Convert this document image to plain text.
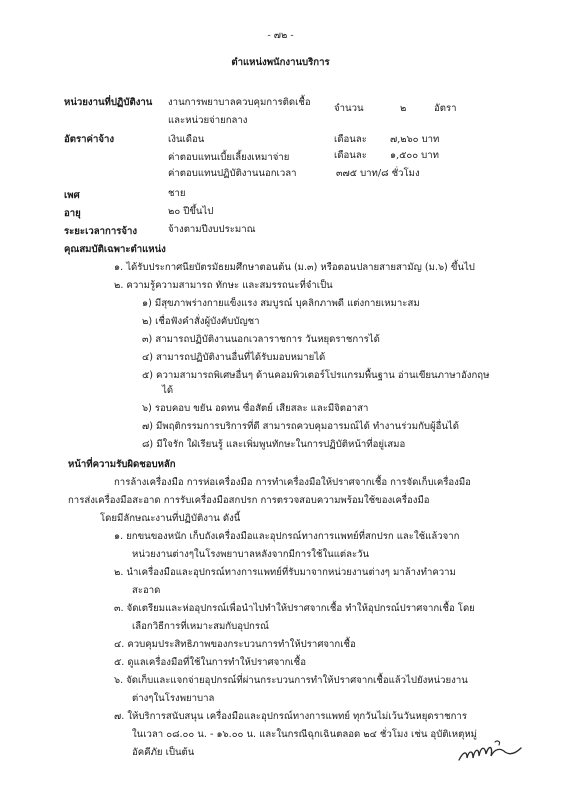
- ๗๒ -
ตำแหน่งพนักงานบริการ
หน่วยงานที่ปฏิบัติงาน งานการพยาบาลควบคุมการติดเชื้อ
จำนวน	๒	อัตรา
และหน่วยจ่ายกลาง
อัตราค่าจ้าง	เงินเดือน	เดือนละ ๗,๒๖๐ บาท
ค่าตอบแทนเบี้ยเลี้ยงเหมาจ่าย	เดือนละ ๑,๕๐๐ บาท
ค่าตอบแทนปฏิบัติงานนอกเวลา	๓๗๕ บาท/๘ ชั่วโมง
เพศ	ชาย
อายุ	๒๐ ปีขึ้นไป
ระยะเวลาการจ้าง	จ้างตามปีงบประมาณ
คุณสมบัติเฉพาะตำแหน่ง
๑. ได้รับประกาศนียบัตรมัธยมศึกษาตอนต้น (ม.๓) หรือตอนปลายสายสามัญ (ม.๖) ขึ้นไป
๒. ความรู้ความสามารถ ทักษะ และสมรรถนะที่จำเป็น
๑) มีสุขภาพร่างกายแข็งแรง สมบูรณ์ บุคลิกภาพดี แต่งกายเหมาะสม
๒) เชื่อฟังคำสั่งผู้บังคับบัญชา
๓) สามารถปฏิบัติงานนอกเวลาราชการ วันหยุดราชการได้
๔) สามารถปฏิบัติงานอื่นที่ได้รับมอบหมายได้
๕) ความสามารถพิเศษอื่นๆ ด้านคอมพิวเตอร์โปรแกรมพื้นฐาน อ่านเขียนภาษาอังกฤษ
ได้
๖) รอบคอบ ขยัน อดทน ซื่อสัตย์ เสียสละ และมีจิตอาสา
๗) มีพฤติกรรมการบริการที่ดี สามารถควบคุมอารมณ์ได้ ทำงานร่วมกับผู้อื่นได้
๘) มีใจรัก ใฝ่เรียนรู้ และเพิ่มพูนทักษะในการปฏิบัติหน้าที่อยู่เสมอ
หน้าที่ความรับผิดชอบหลัก
การล้างเครื่องมือ การห่อเครื่องมือ การทำเครื่องมือให้ปราศจากเชื้อ การจัดเก็บเครื่องมือ
การส่งเครื่องมือสะอาด การรับเครื่องมือสกปรก การตรวจสอบความพร้อมใช้ของเครื่องมือ
โดยมีลักษณะงานที่ปฏิบัติงาน ดังนี้
๑. ยกขนของหนัก เก็บถังเครื่องมือและอุปกรณ์ทางการแพทย์ที่สกปรก และใช้แล้วจาก
หน่วยงานต่างๆในโรงพยาบาลหลังจากมีการใช้ในแต่ละวัน
๒. นำเครื่องมือและอุปกรณ์ทางการแพทย์ที่รับมาจากหน่วยงานต่างๆ มาล้างทำความ
สะอาด
๓. จัดเตรียมและห่ออุปกรณ์เพื่อนำไปทำให้ปราศจากเชื้อ ทำให้อุปกรณ์ปราศจากเชื้อ โดย
เลือกวิธีการที่เหมาะสมกับอุปกรณ์
๔. ควบคุมประสิทธิภาพของกระบวนการทำให้ปราศจากเชื้อ
๕. ดูแลเครื่องมือที่ใช้ในการทำให้ปราศจากเชื้อ
๖. จัดเก็บและแจกจ่ายอุปกรณ์ที่ผ่านกระบวนการทำให้ปราศจากเชื้อแล้วไปยังหน่วยงาน
ต่างๆในโรงพยาบาล
๗. ให้บริการสนับสนุน เครื่องมือและอุปกรณ์ทางการแพทย์ ทุกวันไม่เว้นวันหยุดราชการ
ในเวลา ๐๘.๐๐ น. - ๑๖.๐๐ น. และในกรณีฉุกเฉินตลอด ๒๔ ชั่วโมง เช่น อุบัติเหตุหมู่
อัคคีภัย เป็นต้น
